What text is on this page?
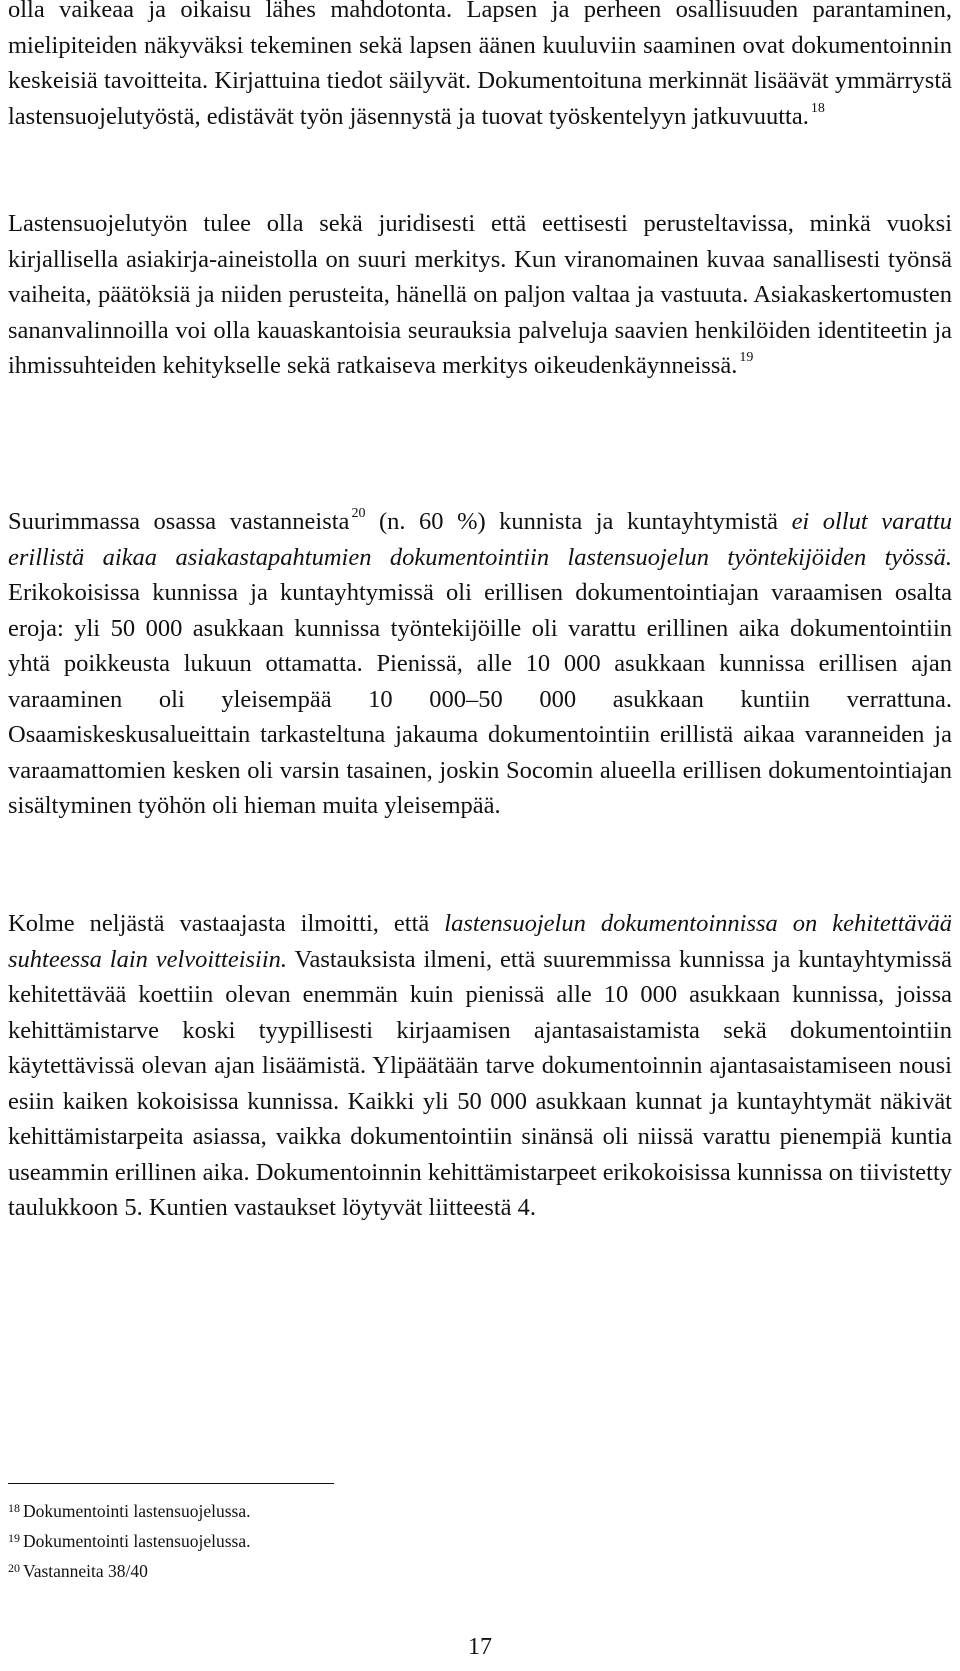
olla vaikeaa ja oikaisu lähes mahdotonta. Lapsen ja perheen osallisuuden parantaminen, mielipiteiden näkyväksi tekeminen sekä lapsen äänen kuuluviin saaminen ovat dokumentoinnin keskeisiä tavoitteita. Kirjattuina tiedot säilyvät. Dokumentoituna merkinnät lisäävät ymmärrystä lastensuojelutyöstä, edistävät työn jäsennystä ja tuovat työskentelyyn jatkuvuutta. $^{18}$

Lastensuojelutyön tulee olla sekä juridisesti että eettisesti perusteltavissa, minkä vuoksi kirjallisella asiakirja-aineistolla on suuri merkitys. Kun viranomainen kuvaa sanallisesti työnsä vaiheita, päätöksiä ja niiden perusteita, hänellä on paljon valtaa ja vastuuta. Asiakaskertomusten sananvalinnoilla voi olla kauaskantoisia seurauksia palveluja saavien henkilöiden identiteetin ja ihmissuhteiden kehitykselle sekä ratkaiseva merkitys oikeudenkäynneissä. $^{19}$

Suurimmassa osassa vastanneista $^{20}$ (n. 60 %) kunnista ja kuntayhtymistä ei ollut varattu erillistä aikaa asiakastapahtumien dokumentointiin lastensuojelun työntekijöiden työssä. Erikokoisissa kunnissa ja kuntayhtymissä oli erillisen dokumentointiajan varaamisen osalta eroja: yli 50 000 asukkaan kunnissa työntekijöille oli varattu erillinen aika dokumentointiin yhtä poikkeusta lukuun ottamatta. Pienissä, alle 10 000 asukkaan kunnissa erillisen ajan varaaminen oli yleisempää 10 000–50 000 asukkaan kuntiin verrattuna. Osaamiskeskusalueittain tarkasteltuna jakauma dokumentointiin erillistä aikaa varanneiden ja varaamattomien kesken oli varsin tasainen, joskin Socomin alueella erillisen dokumentointiajan sisältyminen työhön oli hieman muita yleisempää.

Kolme neljästä vastaajasta ilmoitti, että lastensuojelun dokumentoinnissa on kehitettävää suhteessa lain velvoitteisiin. Vastauksista ilmeni, että suuremmissa kunnissa ja kuntayhtymissä kehitettävää koettiin olevan enemmän kuin pienissä alle 10 000 asukkaan kunnissa, joissa kehittämistarve koski tyypillisesti kirjaamisen ajantasaistamista sekä dokumentointiin käytettävissä olevan ajan lisäämistä. Ylipäätään tarve dokumentoinnin ajantasaistamiseen nousi esiin kaiken kokoisissa kunnissa. Kaikki yli 50 000 asukkaan kunnat ja kuntayhtymät näkivät kehittämistarpeita asiassa, vaikka dokumentointiin sinänsä oli niissä varattu pienempiä kuntia useammin erillinen aika. Dokumentoinnin kehittämistarpeet erikokoisissa kunnissa on tiivistetty taulukkoon 5. Kuntien vastaukset löytyvät liitteestä 4.

$^{18}$ Dokumentointi lastensuojelussa.

$^{19}$ Dokumentointi lastensuojelussa.

$^{20}$ Vastanneita 38/40

17
